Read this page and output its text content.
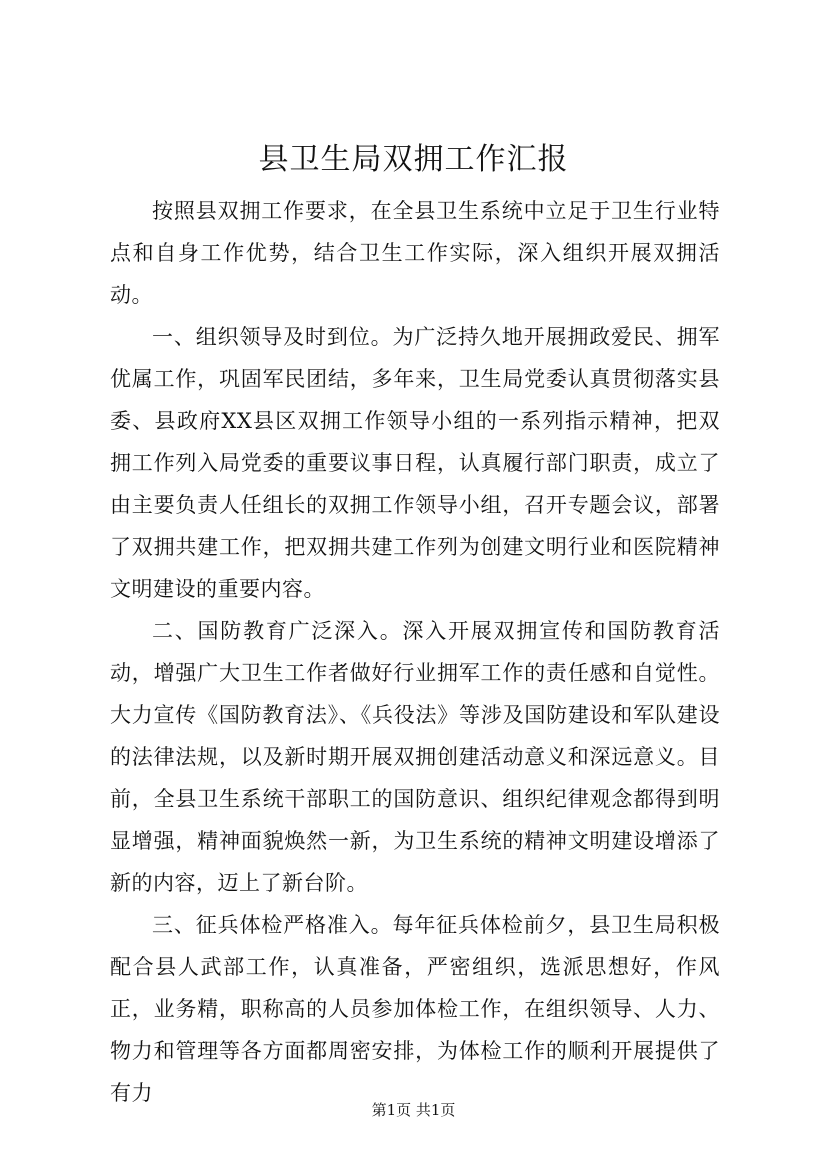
县卫生局双拥工作汇报

按照县双拥工作要求，在全县卫生系统中立足于卫生行业特点和自身工作优势，结合卫生工作实际，深入组织开展双拥活动。

一、组织领导及时到位。为广泛持久地开展拥政爱民、拥军优属工作，巩固军民团结，多年来，卫生局党委认真贯彻落实县委、县政府XX县区双拥工作领导小组的一系列指示精神，把双拥工作列入局党委的重要议事日程，认真履行部门职责，成立了由主要负责人任组长的双拥工作领导小组，召开专题会议，部署了双拥共建工作，把双拥共建工作列为创建文明行业和医院精神文明建设的重要内容。

二、国防教育广泛深入。深入开展双拥宣传和国防教育活动，增强广大卫生工作者做好行业拥军工作的责任感和自觉性。大力宣传《国防教育法》、《兵役法》等涉及国防建设和军队建设的法律法规，以及新时期开展双拥创建活动意义和深远意义。目前，全县卫生系统干部职工的国防意识、组织纪律观念都得到明显增强，精神面貌焕然一新，为卫生系统的精神文明建设增添了新的内容，迈上了新台阶。

三、征兵体检严格准入。每年征兵体检前夕，县卫生局积极配合县人武部工作，认真准备，严密组织，选派思想好，作风正，业务精，职称高的人员参加体检工作，在组织领导、人力、物力和管理等各方面都周密安排，为体检工作的顺利开展提供了有力

第1页 共1页
